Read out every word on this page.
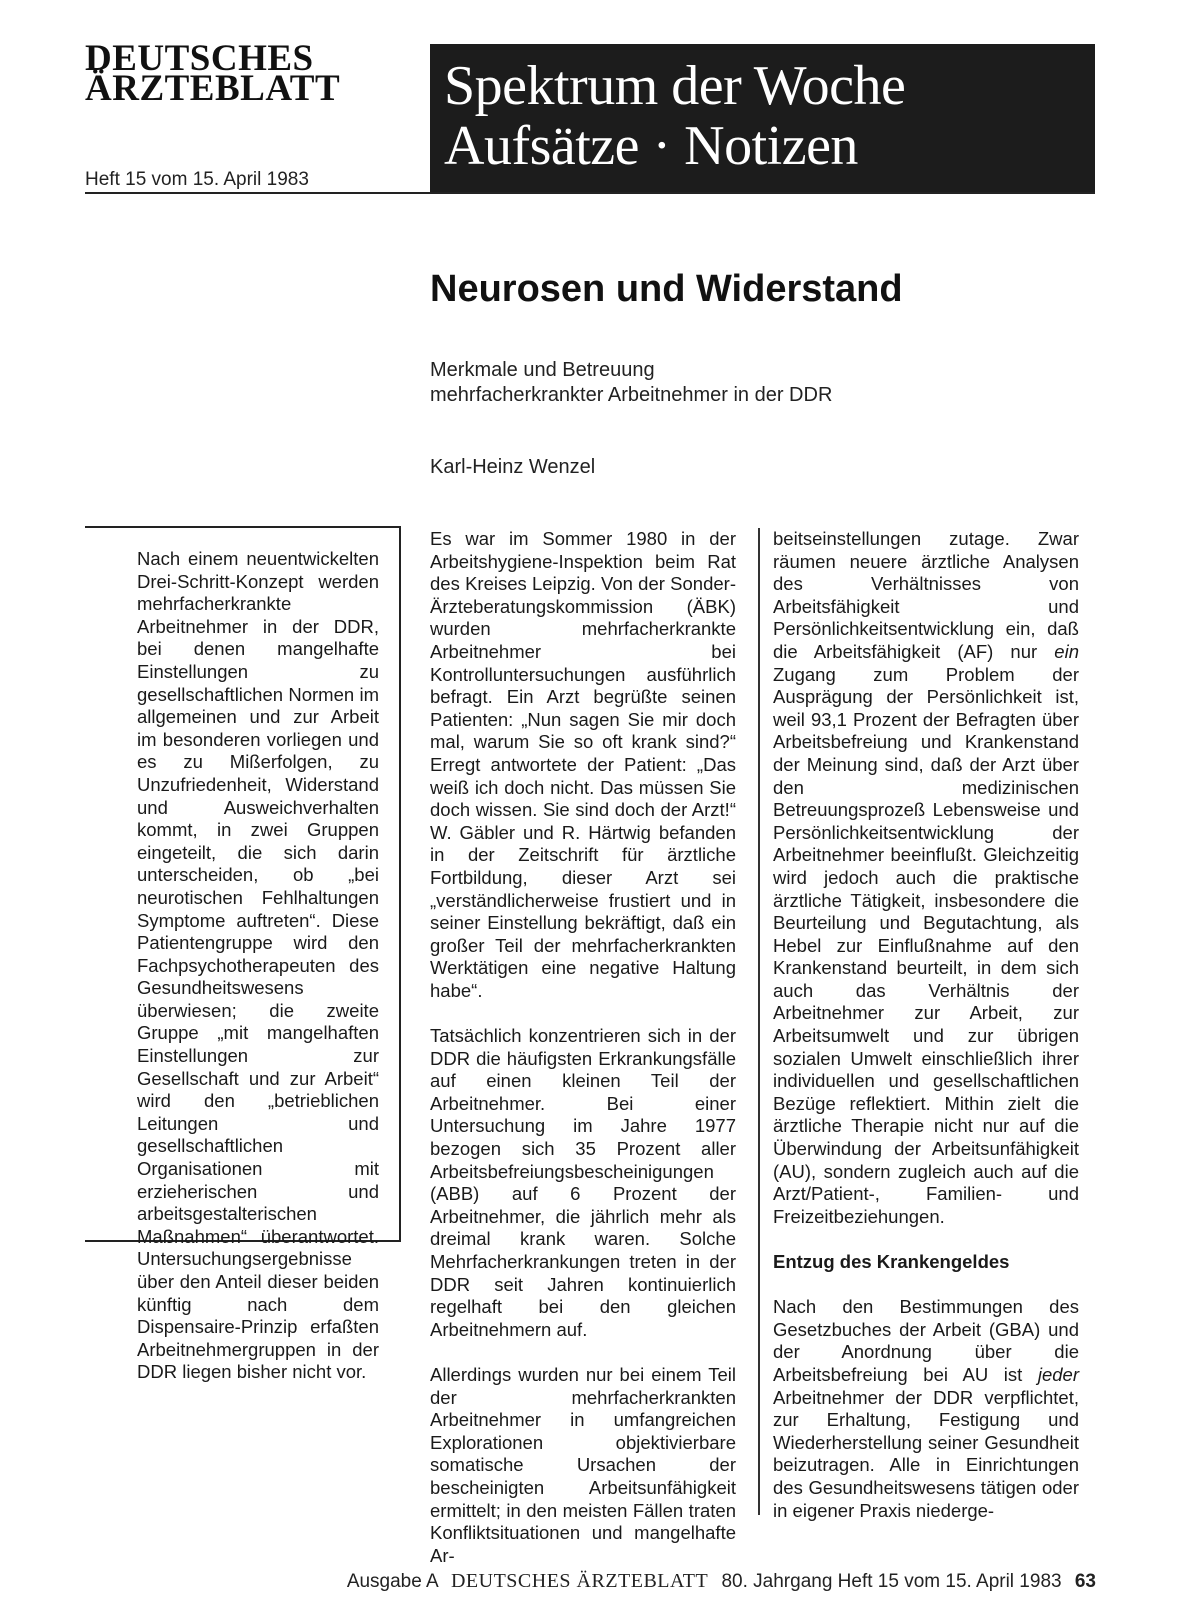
DEUTSCHES
ÄRZTEBLATT
Heft 15 vom 15. April 1983
Spektrum der Woche
Aufsätze · Notizen
Neurosen und Widerstand
Merkmale und Betreuung
mehrfacherkrankter Arbeitnehmer in der DDR
Karl-Heinz Wenzel

Nach einem neuentwickelten Drei-Schritt-Konzept werden mehrfacherkrankte Arbeitnehmer in der DDR, bei denen mangelhafte Einstellungen zu gesellschaftlichen Normen im allgemeinen und zur Arbeit im besonderen vorliegen und es zu Mißerfolgen, zu Unzufriedenheit, Widerstand und Ausweichverhalten kommt, in zwei Gruppen eingeteilt, die sich darin unterscheiden, ob „bei neurotischen Fehlhaltungen Symptome auftreten“. Diese Patientengruppe wird den Fachpsychotherapeuten des Gesundheitswesens überwiesen; die zweite Gruppe „mit mangelhaften Einstellungen zur Gesellschaft und zur Arbeit“ wird den „betrieblichen Leitungen und gesellschaftlichen Organisationen mit erzieherischen und arbeitsgestalterischen Maßnahmen“ überantwortet. Untersuchungsergebnisse über den Anteil dieser beiden künftig nach dem Dispensaire-Prinzip erfaßten Arbeitnehmergruppen in der DDR liegen bisher nicht vor.

Es war im Sommer 1980 in der Arbeitshygiene-Inspektion beim Rat des Kreises Leipzig. Von der Sonder-Ärzteberatungskommission (ÄBK) wurden mehrfacherkrankte Arbeitnehmer bei Kontrolluntersuchungen ausführlich befragt. Ein Arzt begrüßte seinen Patienten: „Nun sagen Sie mir doch mal, warum Sie so oft krank sind?“ Erregt antwortete der Patient: „Das weiß ich doch nicht. Das müssen Sie doch wissen. Sie sind doch der Arzt!“ W. Gäbler und R. Härtwig befanden in der Zeitschrift für ärztliche Fortbildung, dieser Arzt sei „verständlicherweise frustiert und in seiner Einstellung bekräftigt, daß ein großer Teil der mehrfacherkrankten Werktätigen eine negative Haltung habe“.

Tatsächlich konzentrieren sich in der DDR die häufigsten Erkrankungsfälle auf einen kleinen Teil der Arbeitnehmer. Bei einer Untersuchung im Jahre 1977 bezogen sich 35 Prozent aller Arbeitsbefreiungsbescheinigungen (ABB) auf 6 Prozent der Arbeitnehmer, die jährlich mehr als dreimal krank waren. Solche Mehrfacherkrankungen treten in der DDR seit Jahren kontinuierlich regelhaft bei den gleichen Arbeitnehmern auf.

Allerdings wurden nur bei einem Teil der mehrfacherkrankten Arbeitnehmer in umfangreichen Explorationen objektivierbare somatische Ursachen der bescheinigten Arbeitsunfähigkeit ermittelt; in den meisten Fällen traten Konfliktsituationen und mangelhafte Ar-

beitseinstellungen zutage. Zwar räumen neuere ärztliche Analysen des Verhältnisses von Arbeitsfähigkeit und Persönlichkeitsentwicklung ein, daß die Arbeitsfähigkeit (AF) nur ein Zugang zum Problem der Ausprägung der Persönlichkeit ist, weil 93,1 Prozent der Befragten über Arbeitsbefreiung und Krankenstand der Meinung sind, daß der Arzt über den medizinischen Betreuungsprozeß Lebensweise und Persönlichkeitsentwicklung der Arbeitnehmer beeinflußt. Gleichzeitig wird jedoch auch die praktische ärztliche Tätigkeit, insbesondere die Beurteilung und Begutachtung, als Hebel zur Einflußnahme auf den Krankenstand beurteilt, in dem sich auch das Verhältnis der Arbeitnehmer zur Arbeit, zur Arbeitsumwelt und zur übrigen sozialen Umwelt einschließlich ihrer individuellen und gesellschaftlichen Bezüge reflektiert. Mithin zielt die ärztliche Therapie nicht nur auf die Überwindung der Arbeitsunfähigkeit (AU), sondern zugleich auch auf die Arzt/Patient-, Familien- und Freizeitbeziehungen.

Entzug des Krankengeldes

Nach den Bestimmungen des Gesetzbuches der Arbeit (GBA) und der Anordnung über die Arbeitsbefreiung bei AU ist jeder Arbeitnehmer der DDR verpflichtet, zur Erhaltung, Festigung und Wiederherstellung seiner Gesundheit beizutragen. Alle in Einrichtungen des Gesundheitswesens tätigen oder in eigener Praxis niederge-

Ausgabe A DEUTSCHES ÄRZTEBLATT 80. Jahrgang Heft 15 vom 15. April 1983 63
